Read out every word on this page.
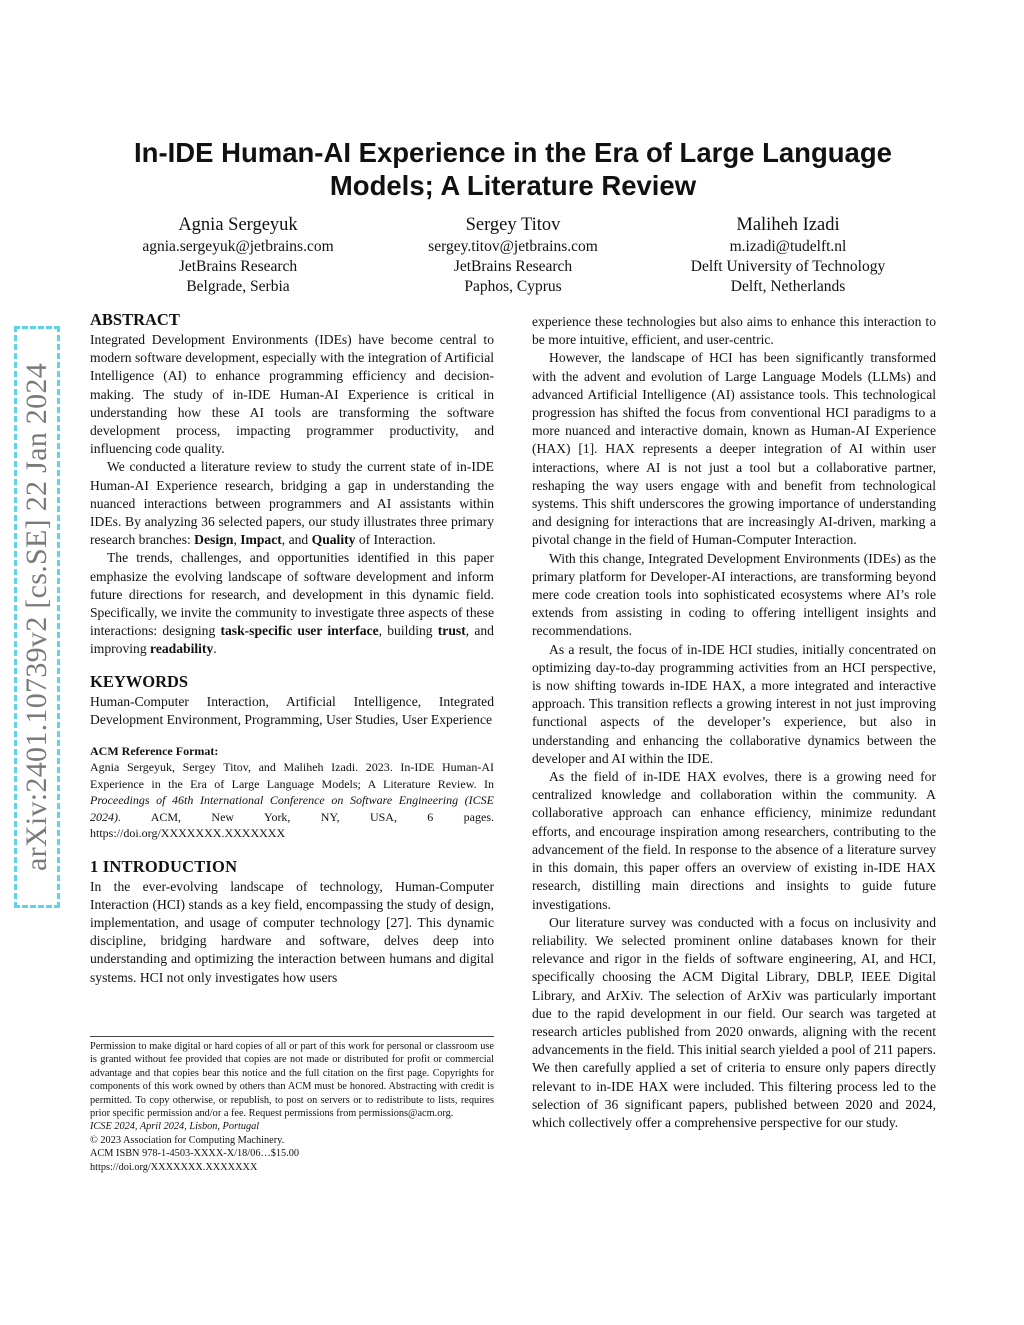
arXiv:2401.10739v2 [cs.SE] 22 Jan 2024
In-IDE Human-AI Experience in the Era of Large Language
Models; A Literature Review
Agnia Sergeyuk
agnia.sergeyuk@jetbrains.com
JetBrains Research
Belgrade, Serbia
Sergey Titov
sergey.titov@jetbrains.com
JetBrains Research
Paphos, Cyprus
Maliheh Izadi
m.izadi@tudelft.nl
Delft University of Technology
Delft, Netherlands
ABSTRACT

Integrated Development Environments (IDEs) have become central to modern software development, especially with the integration of Artificial Intelligence (AI) to enhance programming efficiency and decision-making. The study of in-IDE Human-AI Experience is critical in understanding how these AI tools are transforming the software development process, impacting programmer productivity, and influencing code quality.

We conducted a literature review to study the current state of in-IDE Human-AI Experience research, bridging a gap in understanding the nuanced interactions between programmers and AI assistants within IDEs. By analyzing 36 selected papers, our study illustrates three primary research branches: Design, Impact, and Quality of Interaction.

The trends, challenges, and opportunities identified in this paper emphasize the evolving landscape of software development and inform future directions for research, and development in this dynamic field. Specifically, we invite the community to investigate three aspects of these interactions: designing task-specific user interface, building trust, and improving readability.

KEYWORDS

Human-Computer Interaction, Artificial Intelligence, Integrated Development Environment, Programming, User Studies, User Experience

ACM Reference Format:

Agnia Sergeyuk, Sergey Titov, and Maliheh Izadi. 2023. In-IDE Human-AI Experience in the Era of Large Language Models; A Literature Review. In Proceedings of 46th International Conference on Software Engineering (ICSE 2024). ACM, New York, NY, USA, 6 pages. https://doi.org/XXXXXXX.XXXXXXX

1 INTRODUCTION

In the ever-evolving landscape of technology, Human-Computer Interaction (HCI) stands as a key field, encompassing the study of design, implementation, and usage of computer technology [27]. This dynamic discipline, bridging hardware and software, delves deep into understanding and optimizing the interaction between humans and digital systems. HCI not only investigates how users

Permission to make digital or hard copies of all or part of this work for personal or classroom use is granted without fee provided that copies are not made or distributed for profit or commercial advantage and that copies bear this notice and the full citation on the first page. Copyrights for components of this work owned by others than ACM must be honored. Abstracting with credit is permitted. To copy otherwise, or republish, to post on servers or to redistribute to lists, requires prior specific permission and/or a fee. Request permissions from permissions@acm.org.

ICSE 2024, April 2024, Lisbon, Portugal

© 2023 Association for Computing Machinery.

ACM ISBN 978-1-4503-XXXX-X/18/06…$15.00

https://doi.org/XXXXXXX.XXXXXXX

experience these technologies but also aims to enhance this interaction to be more intuitive, efficient, and user-centric.

However, the landscape of HCI has been significantly transformed with the advent and evolution of Large Language Models (LLMs) and advanced Artificial Intelligence (AI) assistance tools. This technological progression has shifted the focus from conventional HCI paradigms to a more nuanced and interactive domain, known as Human-AI Experience (HAX) [1]. HAX represents a deeper integration of AI within user interactions, where AI is not just a tool but a collaborative partner, reshaping the way users engage with and benefit from technological systems. This shift underscores the growing importance of understanding and designing for interactions that are increasingly AI-driven, marking a pivotal change in the field of Human-Computer Interaction.

With this change, Integrated Development Environments (IDEs) as the primary platform for Developer-AI interactions, are transforming beyond mere code creation tools into sophisticated ecosystems where AI’s role extends from assisting in coding to offering intelligent insights and recommendations.

As a result, the focus of in-IDE HCI studies, initially concentrated on optimizing day-to-day programming activities from an HCI perspective, is now shifting towards in-IDE HAX, a more integrated and interactive approach. This transition reflects a growing interest in not just improving functional aspects of the developer’s experience, but also in understanding and enhancing the collaborative dynamics between the developer and AI within the IDE.

As the field of in-IDE HAX evolves, there is a growing need for centralized knowledge and collaboration within the community. A collaborative approach can enhance efficiency, minimize redundant efforts, and encourage inspiration among researchers, contributing to the advancement of the field. In response to the absence of a literature survey in this domain, this paper offers an overview of existing in-IDE HAX research, distilling main directions and insights to guide future investigations.

Our literature survey was conducted with a focus on inclusivity and reliability. We selected prominent online databases known for their relevance and rigor in the fields of software engineering, AI, and HCI, specifically choosing the ACM Digital Library, DBLP, IEEE Digital Library, and ArXiv. The selection of ArXiv was particularly important due to the rapid development in our field. Our search was targeted at research articles published from 2020 onwards, aligning with the recent advancements in the field. This initial search yielded a pool of 211 papers. We then carefully applied a set of criteria to ensure only papers directly relevant to in-IDE HAX were included. This filtering process led to the selection of 36 significant papers, published between 2020 and 2024, which collectively offer a comprehensive perspective for our study.
